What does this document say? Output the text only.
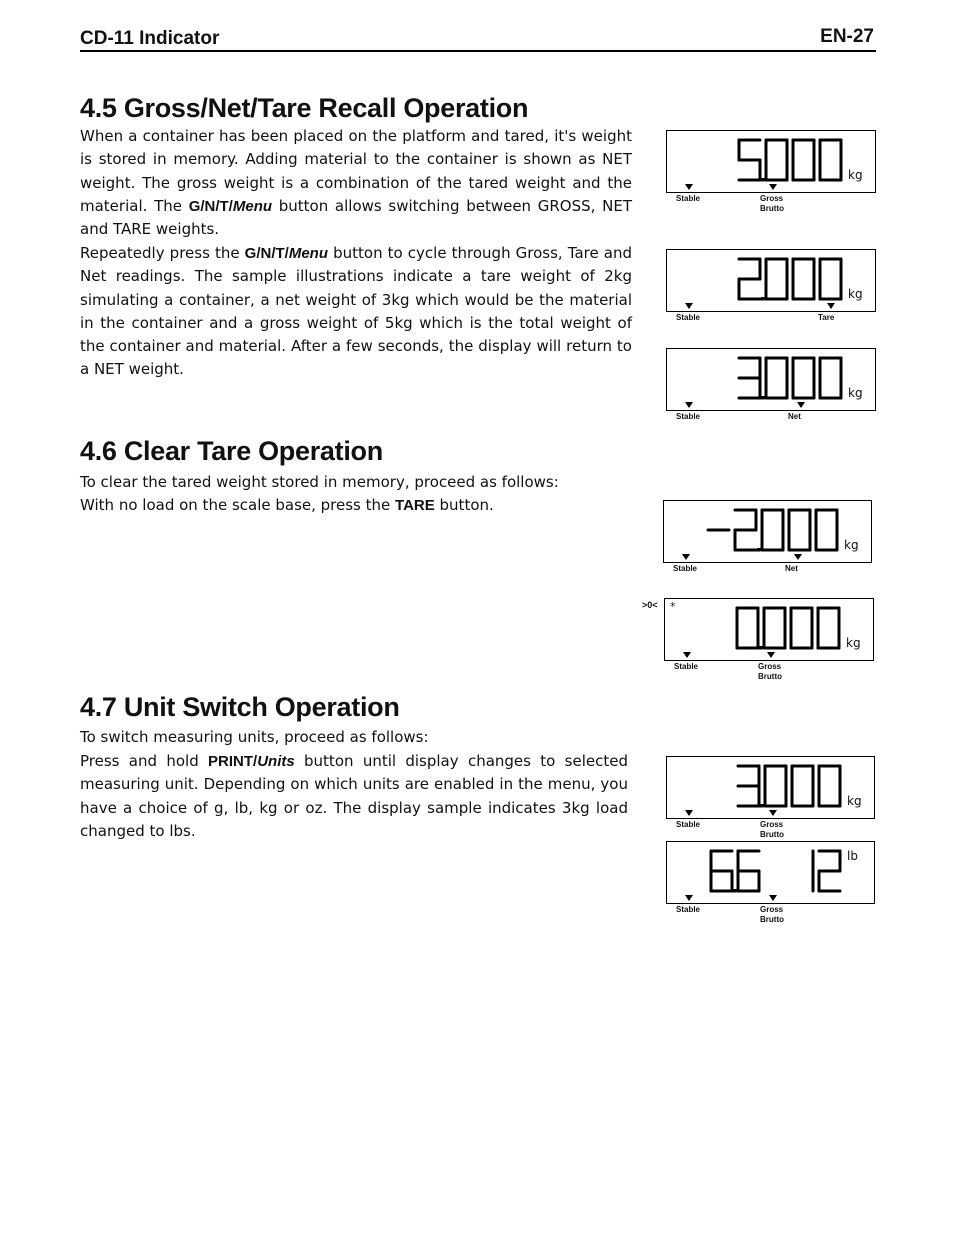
CD-11 Indicator	EN-27
4.5 Gross/Net/Tare Recall Operation

When a container has been placed on the platform and tared, it's weight is stored in memory. Adding material to the container is shown as NET weight. The gross weight is a combination of the tared weight and the material. The G/N/T/Menu button allows switching between GROSS, NET and TARE weights.

Repeatedly press the G/N/T/Menu button to cycle through Gross, Tare and Net readings. The sample illustrations indicate a tare weight of 2kg simulating a container, a net weight of 3kg which would be the material in the container and a gross weight of 5kg which is the total weight of the container and material. After a few seconds, the display will return to a NET weight.

4.6 Clear Tare Operation

To clear the tared weight stored in memory, proceed as follows:

With no load on the scale base, press the TARE button.

4.7 Unit Switch Operation

To switch measuring units, proceed as follows:

Press and hold PRINT/Units button until display changes to selected measuring unit. Depending on which units are enabled in the menu, you have a choice of g, lb, kg or oz. The display sample indicates 3kg load changed to lbs.

kg
Stable	Gross
Brutto
kg
Stable	Tare
kg
Stable	Net
kg
Stable	Net
kg
*
Stable	Gross
Brutto
>0<
kg
Stable	Gross
Brutto
lb
Stable	Gross
Brutto
